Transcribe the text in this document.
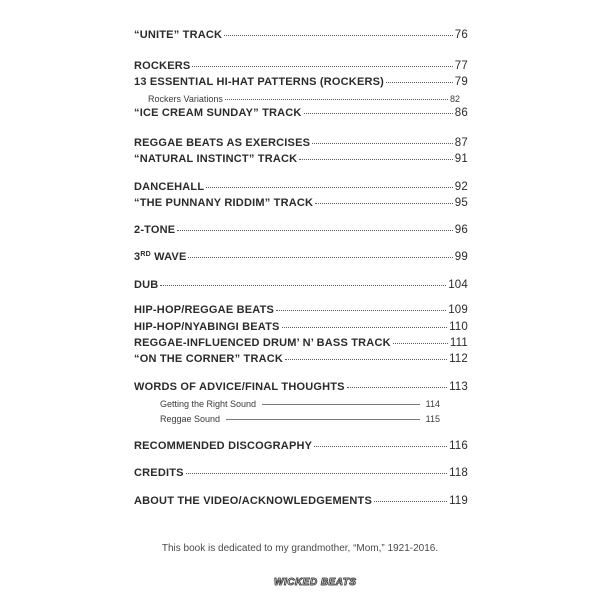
“UNITE” TRACK	76
ROCKERS	77
13 ESSENTIAL HI-HAT PATTERNS (ROCKERS)	79
Rockers Variations	82
“ICE CREAM SUNDAY” TRACK	86
REGGAE BEATS AS EXERCISES	87
“NATURAL INSTINCT” TRACK	91
DANCEHALL	92
“THE PUNNANY RIDDIM” TRACK	95
2-TONE	96
3RD WAVE	99
DUB	104
HIP-HOP/REGGAE BEATS	109
HIP-HOP/NYABINGI BEATS	110
REGGAE-INFLUENCED DRUM’ N’ BASS TRACK	111
“ON THE CORNER” TRACK	112
WORDS OF ADVICE/FINAL THOUGHTS	113
Getting the Right Sound	114
Reggae Sound	115
RECOMMENDED DISCOGRAPHY	116
CREDITS	118
ABOUT THE VIDEO/ACKNOWLEDGEMENTS	119
This book is dedicated to my grandmother, “Mom,” 1921-2016.
WICKED BEATS
